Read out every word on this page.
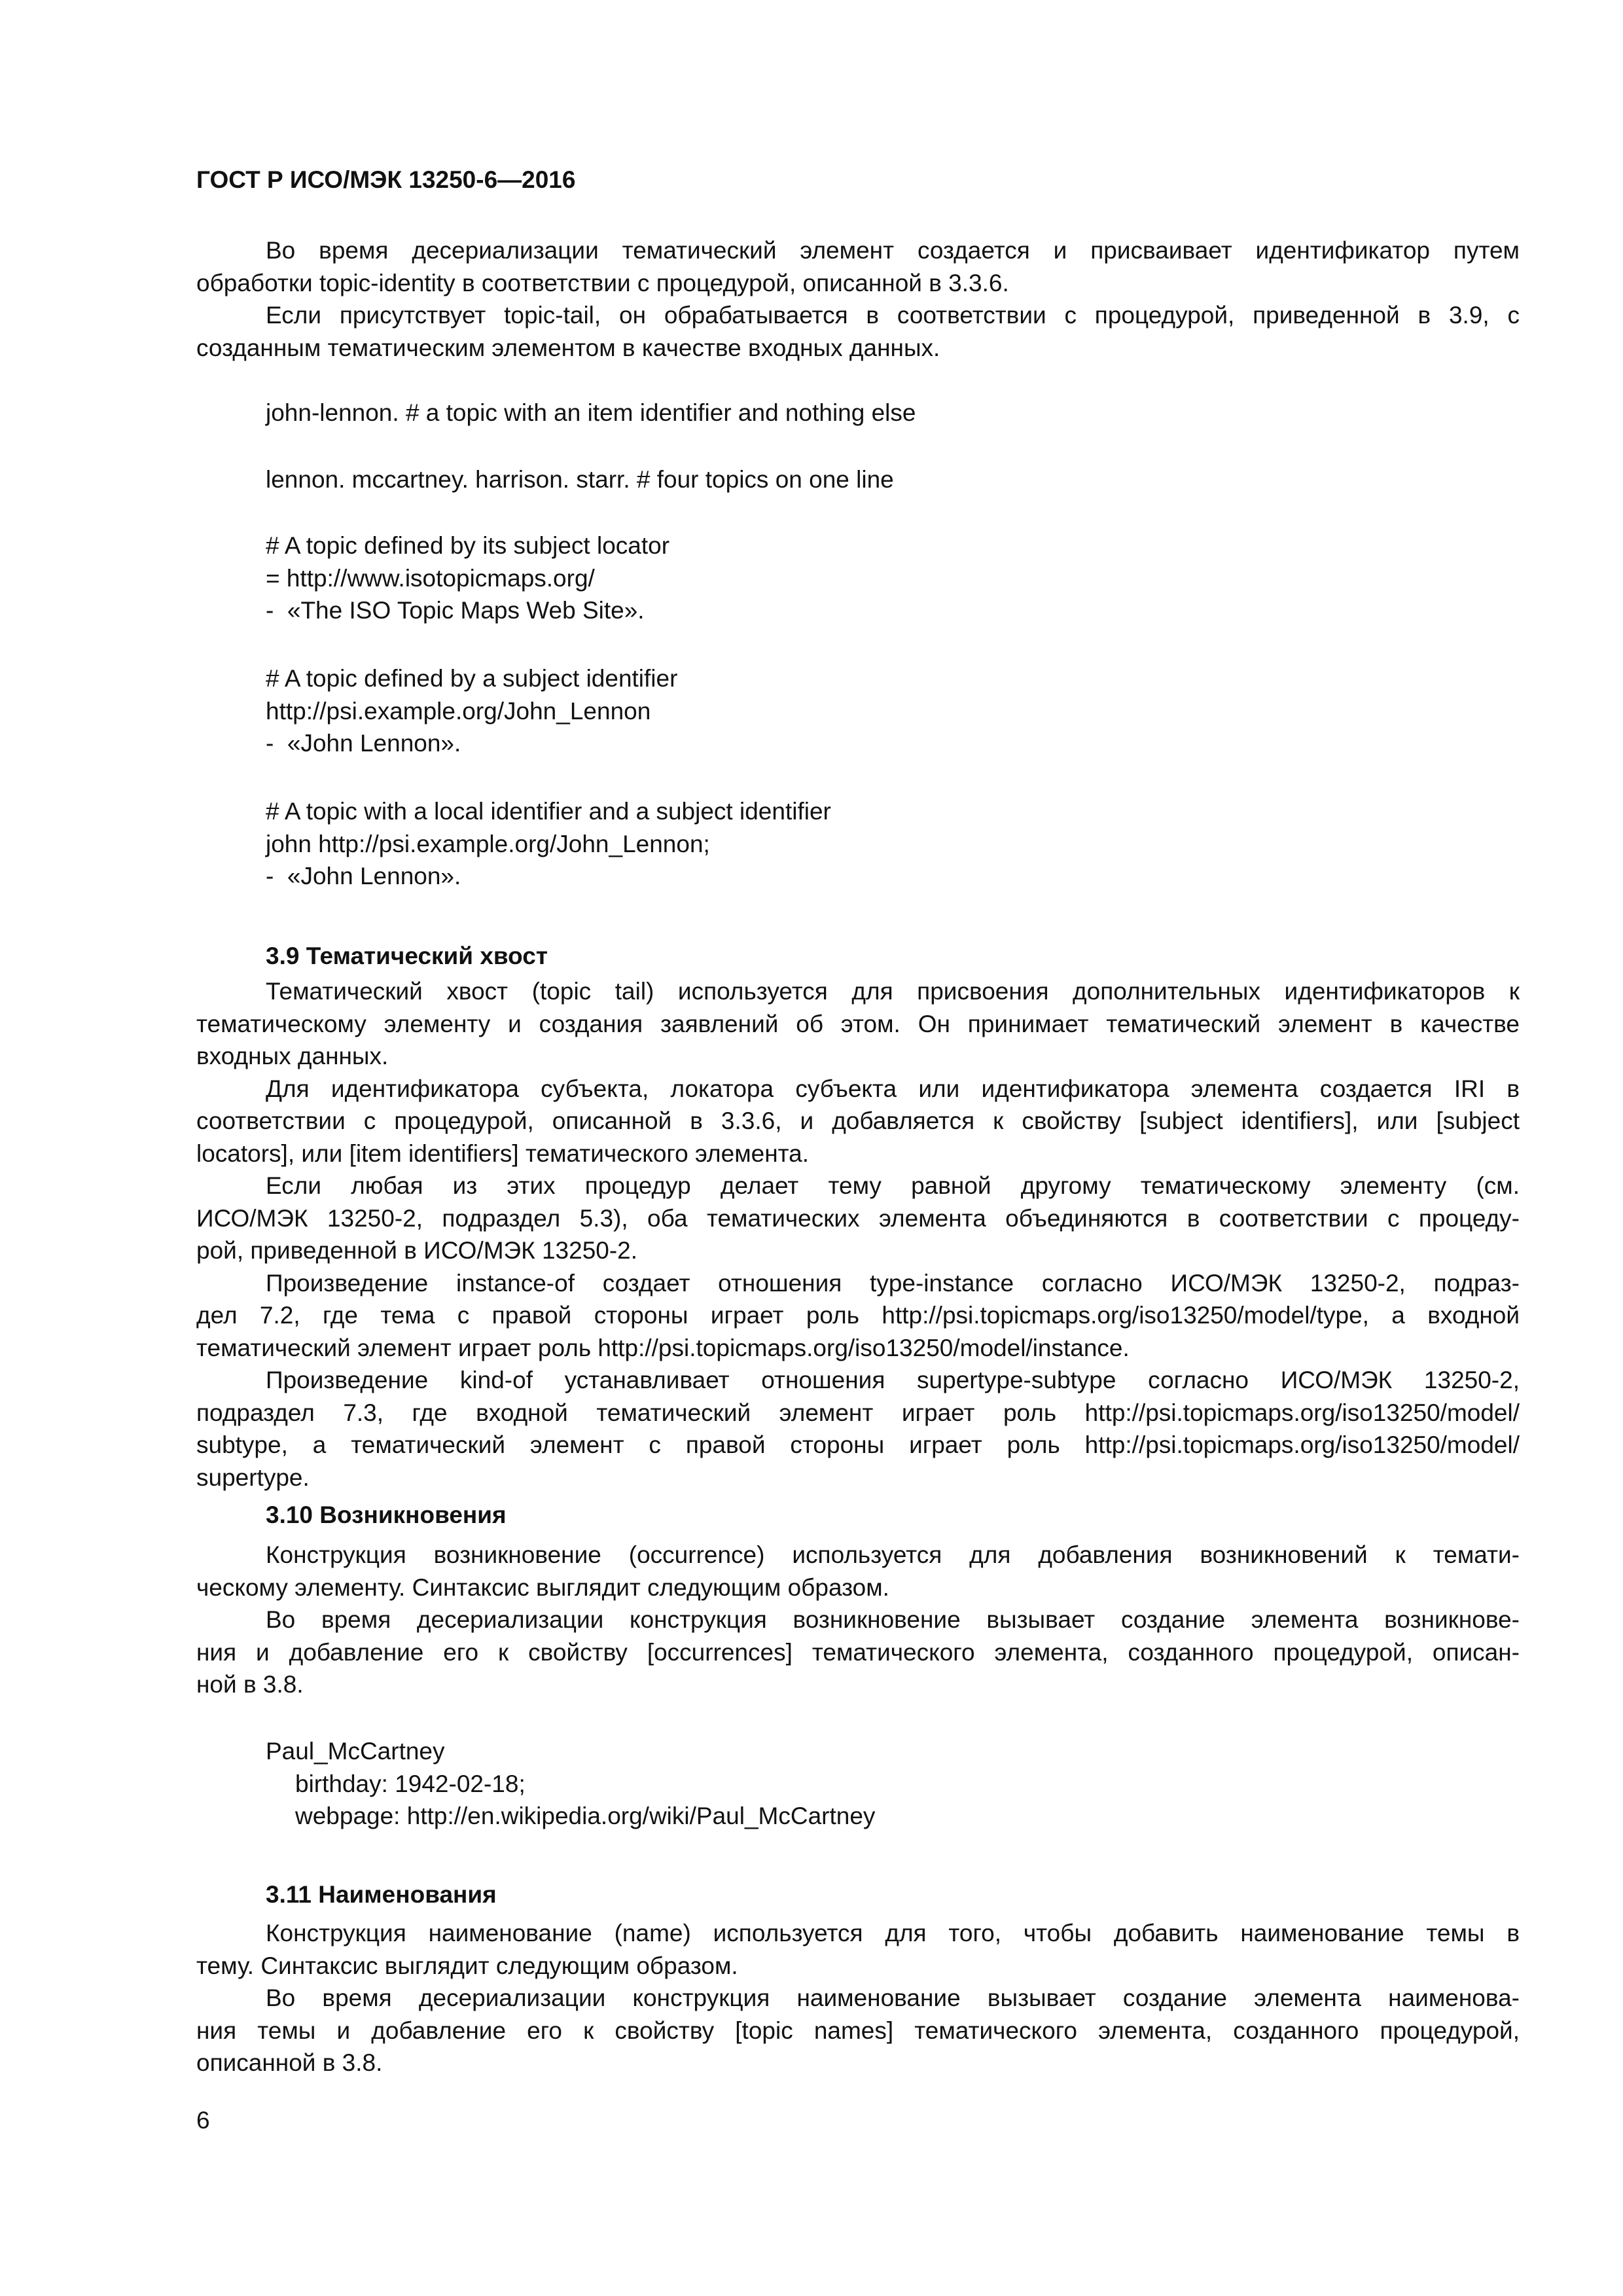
ГОСТ Р ИСО/МЭК 13250-6—2016
Во время десериализации тематический элемент создается и присваивает идентификатор путем
обработки topic-identity в соответствии с процедурой, описанной в 3.3.6.
Если присутствует topic-tail, он обрабатывается в соответствии с процедурой, приведенной в 3.9, с
созданным тематическим элементом в качестве входных данных.
john-lennon. # a topic with an item identifier and nothing else
lennon. mccartney. harrison. starr. # four topics on one line
# A topic defined by its subject locator
= http://www.isotopicmaps.org/
-  «The ISO Topic Maps Web Site».
# A topic defined by a subject identifier
http://psi.example.org/John_Lennon
-  «John Lennon».
# A topic with a local identifier and a subject identifier
john http://psi.example.org/John_Lennon;
-  «John Lennon».
3.9 Тематический хвост
Тематический хвост (topic tail) используется для присвоения дополнительных идентификаторов к
тематическому элементу и создания заявлений об этом. Он принимает тематический элемент в качестве
входных данных.
Для идентификатора субъекта, локатора субъекта или идентификатора элемента создается IRI в
соответствии с процедурой, описанной в 3.3.6, и добавляется к свойству [subject identifiers], или [subject
locators], или [item identifiers] тематического элемента.
Если любая из этих процедур делает тему равной другому тематическому элементу (см.
ИСО/МЭК 13250-2, подраздел 5.3), оба тематических элемента объединяются в соответствии с процеду-
рой, приведенной в ИСО/МЭК 13250-2.
Произведение instance-of создает отношения type-instance согласно ИСО/МЭК 13250-2, подраз-
дел 7.2, где тема с правой стороны играет роль http://psi.topicmaps.org/iso13250/model/type, а входной
тематический элемент играет роль http://psi.topicmaps.org/iso13250/model/instance.
Произведение kind-of устанавливает отношения supertype-subtype согласно ИСО/МЭК 13250-2,
подраздел 7.3, где входной тематический элемент играет роль http://psi.topicmaps.org/iso13250/model/
subtype, а тематический элемент с правой стороны играет роль http://psi.topicmaps.org/iso13250/model/
supertype.
3.10 Возникновения
Конструкция возникновение (occurrence) используется для добавления возникновений к темати-
ческому элементу. Синтаксис выглядит следующим образом.
Во время десериализации конструкция возникновение вызывает создание элемента возникнове-
ния и добавление его к свойству [occurrences] тематического элемента, созданного процедурой, описан-
ной в 3.8.
Paul_McCartney
birthday: 1942-02-18;
webpage: http://en.wikipedia.org/wiki/Paul_McCartney
3.11 Наименования
Конструкция наименование (name) используется для того, чтобы добавить наименование темы в
тему. Синтаксис выглядит следующим образом.
Во время десериализации конструкция наименование вызывает создание элемента наименова-
ния темы и добавление его к свойству [topic names] тематического элемента, созданного процедурой,
описанной в 3.8.
6
